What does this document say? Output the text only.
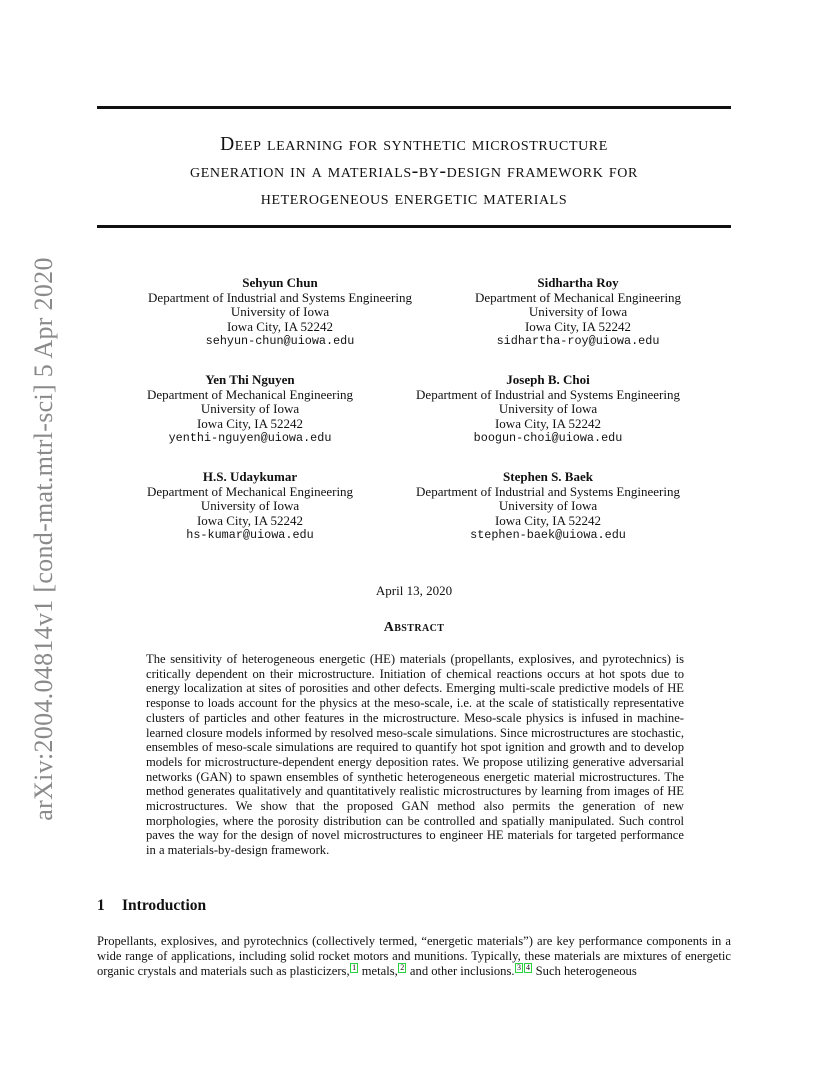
Deep learning for synthetic microstructure
generation in a materials-by-design framework for
heterogeneous energetic materials
arXiv:2004.04814v1 [cond-mat.mtrl-sci] 5 Apr 2020	Sehyun Chun
Department of Industrial and Systems Engineering
University of Iowa
Iowa City, IA 52242
sehyun-chun@uiowa.edu
Sidhartha Roy
Department of Mechanical Engineering
University of Iowa
Iowa City, IA 52242
sidhartha-roy@uiowa.edu
Yen Thi Nguyen
Department of Mechanical Engineering
University of Iowa
Iowa City, IA 52242
yenthi-nguyen@uiowa.edu
Joseph B. Choi
Department of Industrial and Systems Engineering
University of Iowa
Iowa City, IA 52242
boogun-choi@uiowa.edu
H.S. Udaykumar
Department of Mechanical Engineering
University of Iowa
Iowa City, IA 52242
hs-kumar@uiowa.edu
Stephen S. Baek
Department of Industrial and Systems Engineering
University of Iowa
Iowa City, IA 52242
stephen-baek@uiowa.edu
April 13, 2020
Abstract
The sensitivity of heterogeneous energetic (HE) materials (propellants, explosives, and pyrotechnics) is critically dependent on their microstructure. Initiation of chemical reactions occurs at hot spots due to energy localization at sites of porosities and other defects. Emerging multi-scale predictive models of HE response to loads account for the physics at the meso-scale, i.e. at the scale of statistically representative clusters of particles and other features in the microstructure. Meso-scale physics is infused in machine-learned closure models informed by resolved meso-scale simulations. Since microstructures are stochastic, ensembles of meso-scale simulations are required to quantify hot spot ignition and growth and to develop models for microstructure-dependent energy deposition rates. We propose utilizing generative adversarial networks (GAN) to spawn ensembles of synthetic heterogeneous energetic material microstructures. The method generates qualitatively and quantitatively realistic microstructures by learning from images of HE microstructures. We show that the proposed GAN method also permits the generation of new morphologies, where the porosity distribution can be controlled and spatially manipulated. Such control paves the way for the design of novel microstructures to engineer HE materials for targeted performance in a materials-by-design framework.
1 Introduction
Propellants, explosives, and pyrotechnics (collectively termed, “energetic materials”) are key performance components in a wide range of applications, including solid rocket motors and munitions. Typically, these materials are mixtures of energetic organic crystals and materials such as plasticizers, 1 metals, 2 and other inclusions. 3 4 Such heterogeneous
